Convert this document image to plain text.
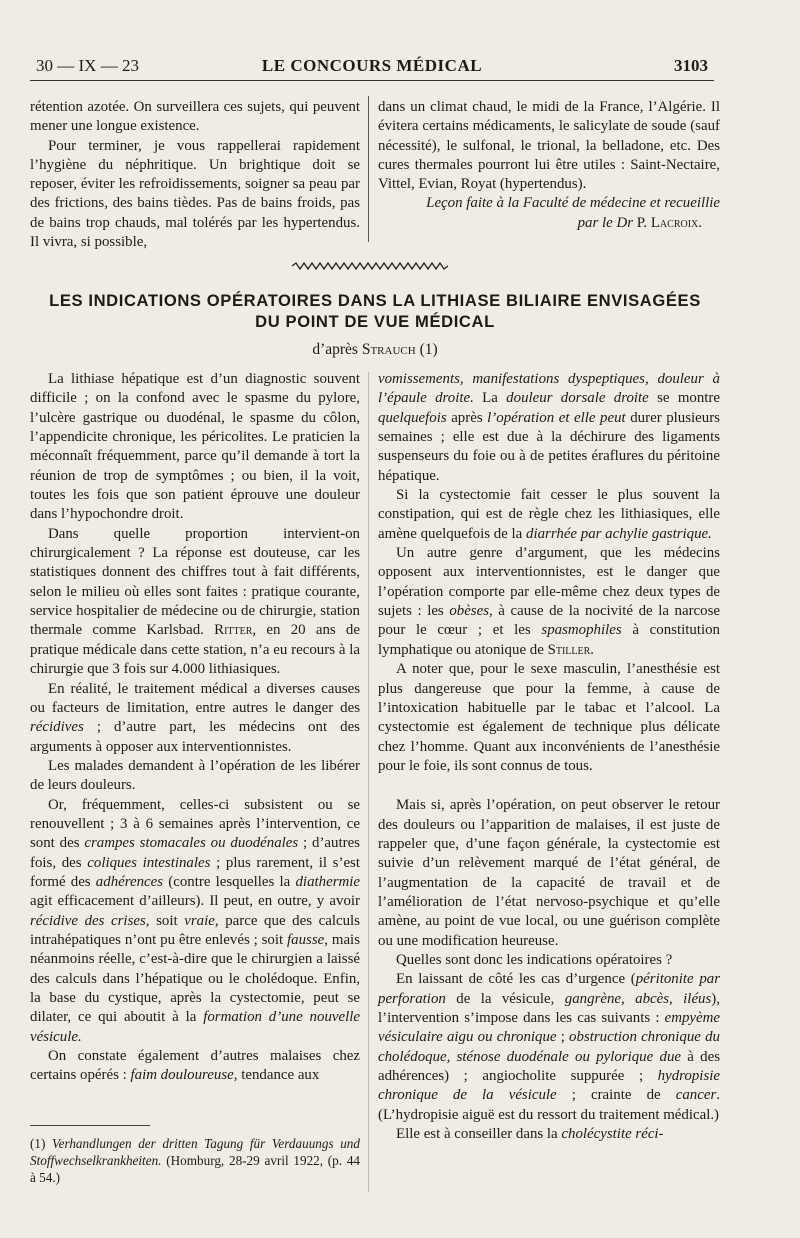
30 — IX — 23	LE CONCOURS MÉDICAL	3103

rétention azotée. On surveillera ces sujets, qui peuvent mener une longue existence.

Pour terminer, je vous rappellerai rapidement l’hygiène du néphritique. Un brightique doit se reposer, éviter les refroidissements, soigner sa peau par des frictions, des bains tièdes. Pas de bains froids, pas de bains trop chauds, mal tolérés par les hypertendus. Il vivra, si possible,

dans un climat chaud, le midi de la France, l’Algérie. Il évitera certains médicaments, le salicylate de soude (sauf nécessité), le sulfonal, le trional, la belladone, etc. Des cures thermales pourront lui être utiles : Saint-Nectaire, Vittel, Evian, Royat (hypertendus).

Leçon faite à la Faculté de médecine et recueillie

par le Dr P. Lacroix.

LES INDICATIONS OPÉRATOIRES DANS LA LITHIASE BILIAIRE ENVISAGÉES
DU POINT DE VUE MÉDICAL
d’après Strauch (1)

La lithiase hépatique est d’un diagnostic souvent difficile ; on la confond avec le spasme du pylore, l’ulcère gastrique ou duodénal, le spasme du côlon, l’appendicite chronique, les péricolites. Le praticien la méconnaît fréquemment, parce qu’il demande à tort la réunion de trop de symptômes ; ou bien, il la voit, toutes les fois que son patient éprouve une douleur dans l’hypochondre droit.

Dans quelle proportion intervient-on chirurgicalement ? La réponse est douteuse, car les statistiques donnent des chiffres tout à fait différents, selon le milieu où elles sont faites : pratique courante, service hospitalier de médecine ou de chirurgie, station thermale comme Karlsbad. Ritter, en 20 ans de pratique médicale dans cette station, n’a eu recours à la chirurgie que 3 fois sur 4.000 lithiasiques.

En réalité, le traitement médical a diverses causes ou facteurs de limitation, entre autres le danger des récidives ; d’autre part, les médecins ont des arguments à opposer aux interventionnistes.

Les malades demandent à l’opération de les libérer de leurs douleurs.

Or, fréquemment, celles-ci subsistent ou se renouvellent ; 3 à 6 semaines après l’intervention, ce sont des crampes stomacales ou duodénales ; d’autres fois, des coliques intestinales ; plus rarement, il s’est formé des adhérences (contre lesquelles la diathermie agit efficacement d’ailleurs). Il peut, en outre, y avoir récidive des crises, soit vraie, parce que des calculs intrahépatiques n’ont pu être enlevés ; soit fausse, mais néanmoins réelle, c’est-à-dire que le chirurgien a laissé des calculs dans l’hépatique ou le cholédoque. Enfin, la base du cystique, après la cystectomie, peut se dilater, ce qui aboutit à la formation d’une nouvelle vésicule.

On constate également d’autres malaises chez certains opérés : faim douloureuse, tendance aux

vomissements, manifestations dyspeptiques, douleur à l’épaule droite. La douleur dorsale droite se montre quelquefois après l’opération et elle peut durer plusieurs semaines ; elle est due à la déchirure des ligaments suspenseurs du foie ou à de petites éraflures du péritoine hépatique.

Si la cystectomie fait cesser le plus souvent la constipation, qui est de règle chez les lithiasiques, elle amène quelquefois de la diarrhée par achylie gastrique.

Un autre genre d’argument, que les médecins opposent aux interventionnistes, est le danger que l’opération comporte par elle-même chez deux types de sujets : les obèses, à cause de la nocivité de la narcose pour le cœur ; et les spasmophiles à constitution lymphatique ou atonique de Stiller.

A noter que, pour le sexe masculin, l’anesthésie est plus dangereuse que pour la femme, à cause de l’intoxication habituelle par le tabac et l’alcool. La cystectomie est également de technique plus délicate chez l’homme. Quant aux inconvénients de l’anesthésie pour le foie, ils sont connus de tous.

Mais si, après l’opération, on peut observer le retour des douleurs ou l’apparition de malaises, il est juste de rappeler que, d’une façon générale, la cystectomie est suivie d’un relèvement marqué de l’état général, de l’augmentation de la capacité de travail et de l’amélioration de l’état nervoso-psychique et qu’elle amène, au point de vue local, ou une guérison complète ou une modification heureuse.

Quelles sont donc les indications opératoires ?

En laissant de côté les cas d’urgence (péritonite par perforation de la vésicule, gangrène, abcès, iléus), l’intervention s’impose dans les cas suivants : empyème vésiculaire aigu ou chronique ; obstruction chronique du cholédoque, sténose duodénale ou pylorique due à des adhérences) ; angiocholite suppurée ; hydropisie chronique de la vésicule ; crainte de cancer. (L’hydropisie aiguë est du ressort du traitement médical.)

Elle est à conseiller dans la cholécystite réci-

(1) Verhandlungen der dritten Tagung für Verdauungs und Stoffwechselkrankheiten. (Homburg, 28-29 avril 1922, (p. 44 à 54.)
